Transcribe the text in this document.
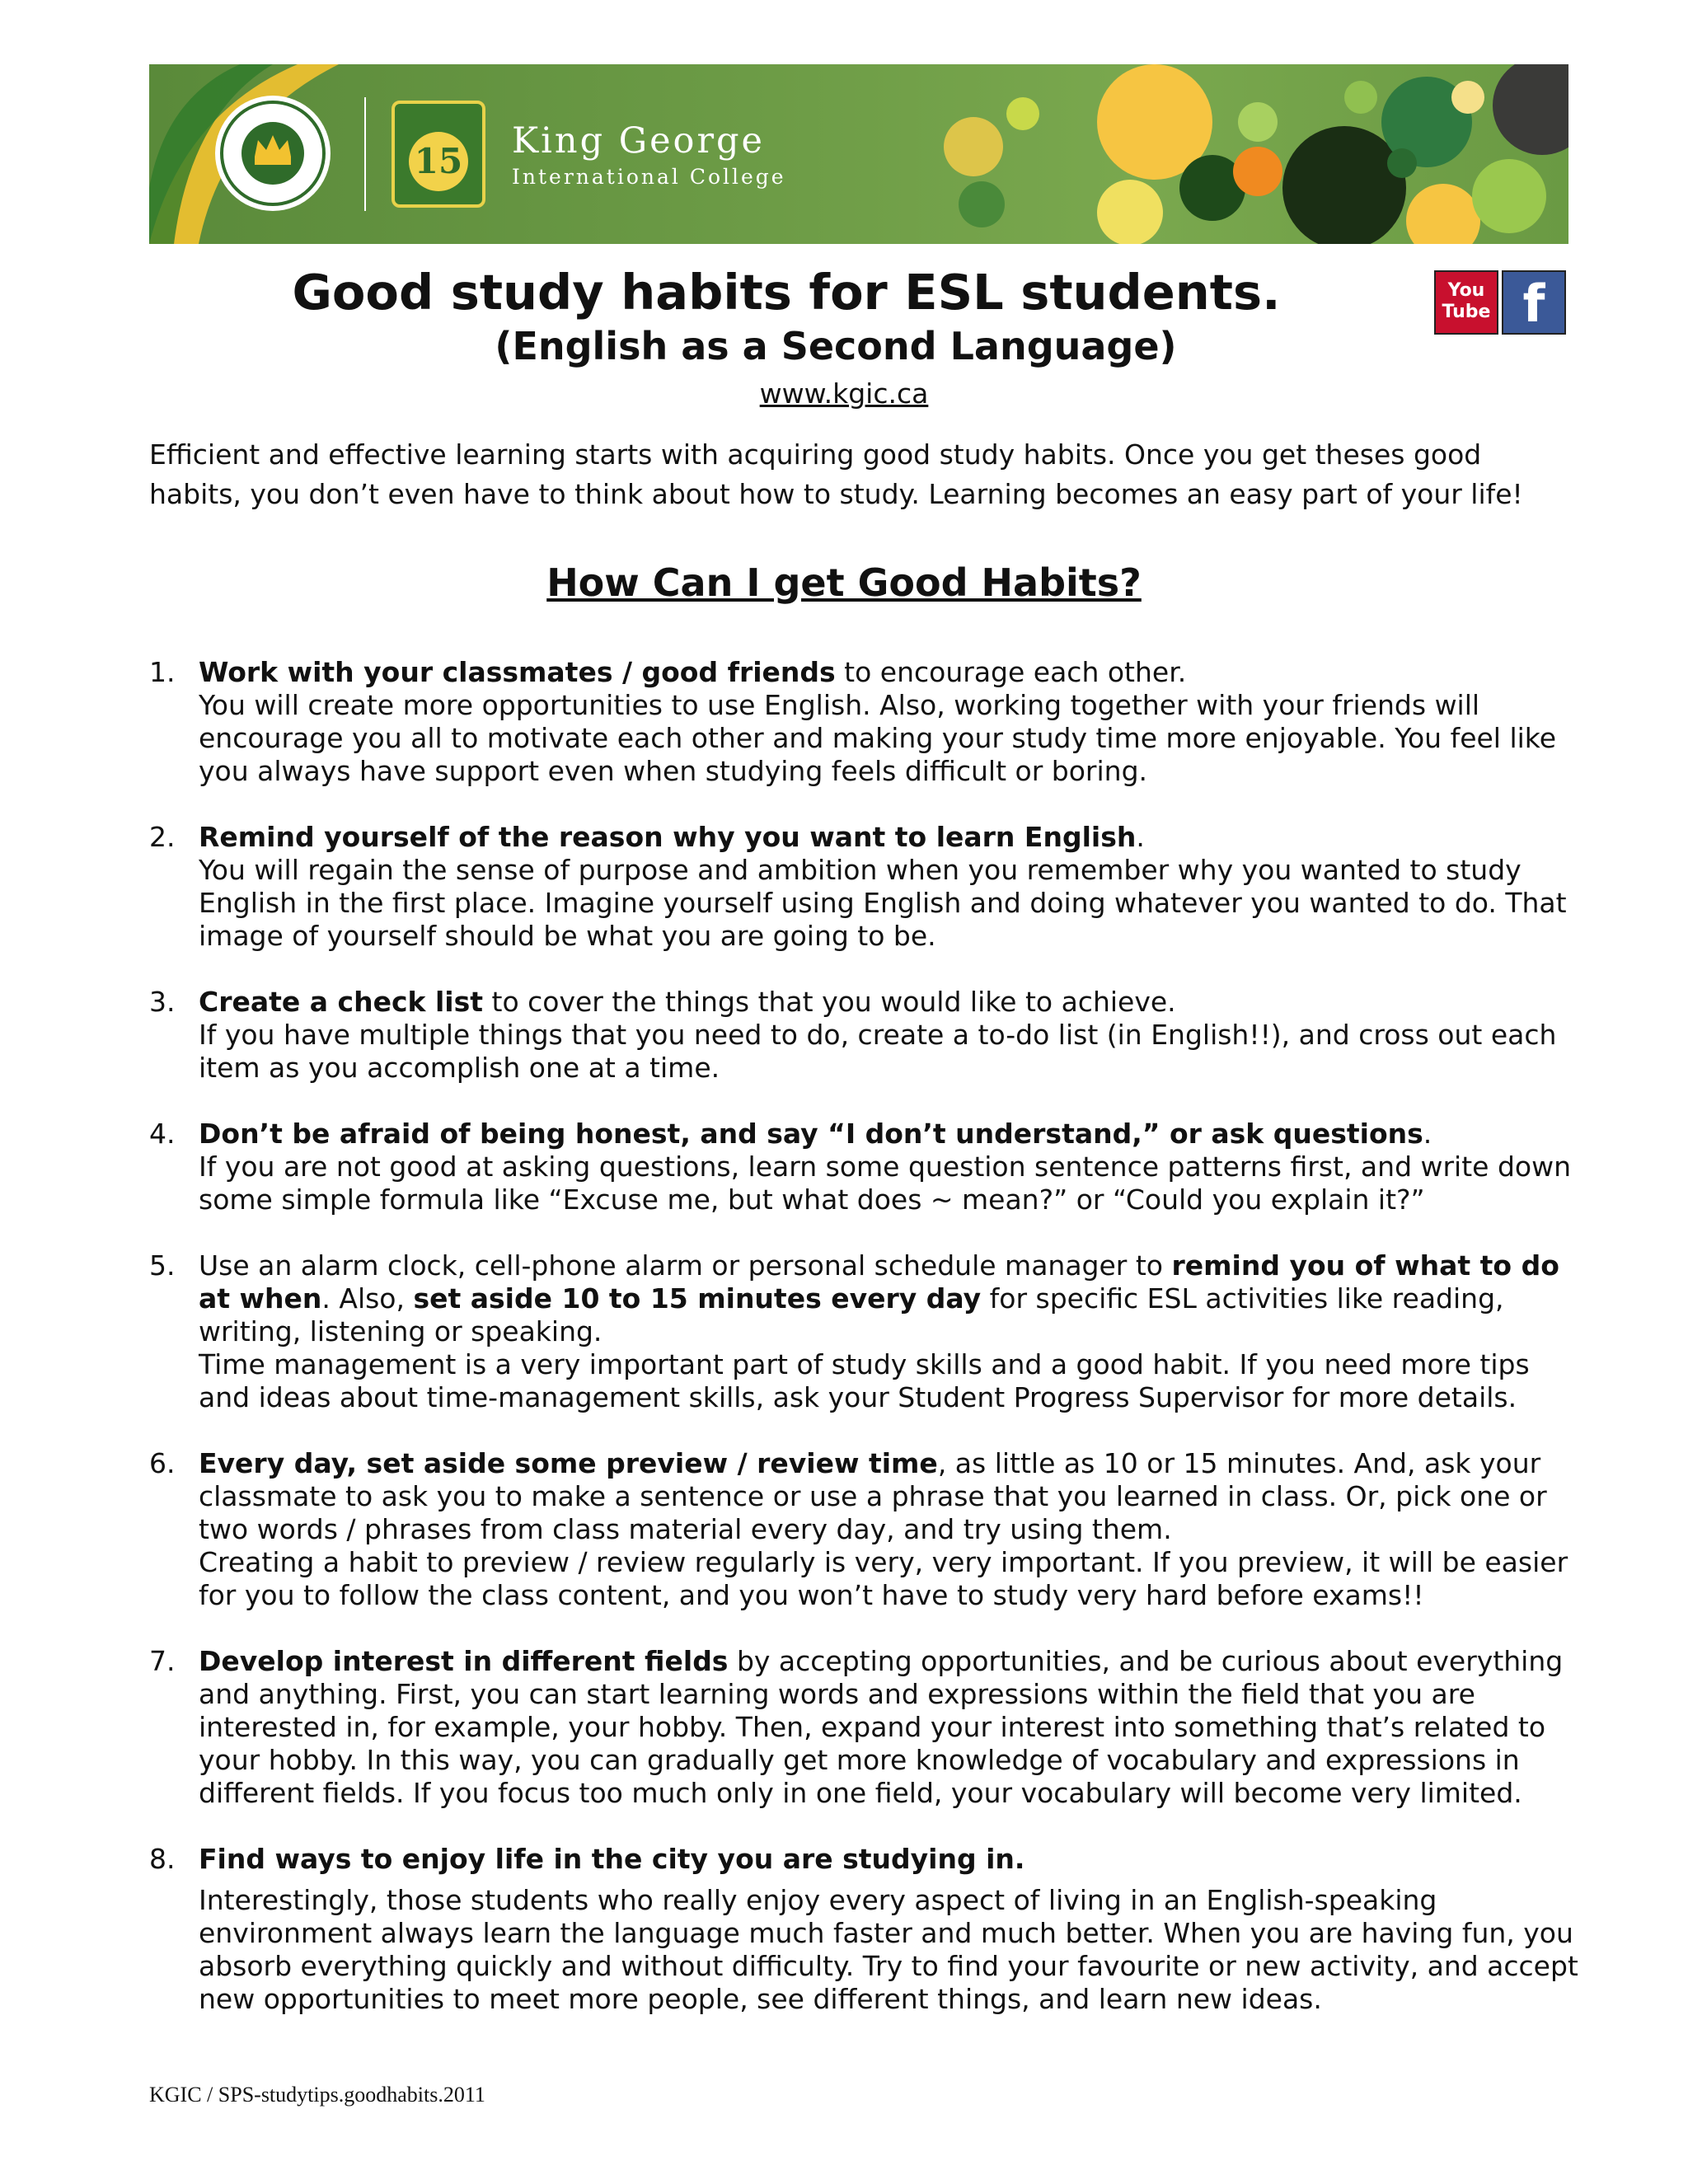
15 King George
International College
Good study habits for ESL students.
(English as a Second Language)
www.kgic.ca
You Tube f
Efficient and effective learning starts with acquiring good study habits. Once you get theses good habits, you don’t even have to think about how to study. Learning becomes an easy part of your life!
How Can I get Good Habits?
1. Work with your classmates / good friends to encourage each other.
You will create more opportunities to use English. Also, working together with your friends will encourage you all to motivate each other and making your study time more enjoyable. You feel like you always have support even when studying feels difficult or boring.
2. Remind yourself of the reason why you want to learn English.
You will regain the sense of purpose and ambition when you remember why you wanted to study English in the first place. Imagine yourself using English and doing whatever you wanted to do. That image of yourself should be what you are going to be.
3. Create a check list to cover the things that you would like to achieve.
If you have multiple things that you need to do, create a to-do list (in English!!), and cross out each item as you accomplish one at a time.
4. Don’t be afraid of being honest, and say “I don’t understand,” or ask questions.
If you are not good at asking questions, learn some question sentence patterns first, and write down some simple formula like “Excuse me, but what does ~ mean?” or “Could you explain it?”
5. Use an alarm clock, cell-phone alarm or personal schedule manager to remind you of what to do at when. Also, set aside 10 to 15 minutes every day for specific ESL activities like reading, writing, listening or speaking.
Time management is a very important part of study skills and a good habit. If you need more tips and ideas about time-management skills, ask your Student Progress Supervisor for more details.
6. Every day, set aside some preview / review time, as little as 10 or 15 minutes. And, ask your classmate to ask you to make a sentence or use a phrase that you learned in class. Or, pick one or two words / phrases from class material every day, and try using them.
Creating a habit to preview / review regularly is very, very important. If you preview, it will be easier for you to follow the class content, and you won’t have to study very hard before exams!!
7. Develop interest in different fields by accepting opportunities, and be curious about everything and anything. First, you can start learning words and expressions within the field that you are interested in, for example, your hobby. Then, expand your interest into something that’s related to your hobby. In this way, you can gradually get more knowledge of vocabulary and expressions in different fields. If you focus too much only in one field, your vocabulary will become very limited.
8. Find ways to enjoy life in the city you are studying in.
Interestingly, those students who really enjoy every aspect of living in an English-speaking environment always learn the language much faster and much better. When you are having fun, you absorb everything quickly and without difficulty. Try to find your favourite or new activity, and accept new opportunities to meet more people, see different things, and learn new ideas.
KGIC / SPS-studytips.goodhabits.2011
